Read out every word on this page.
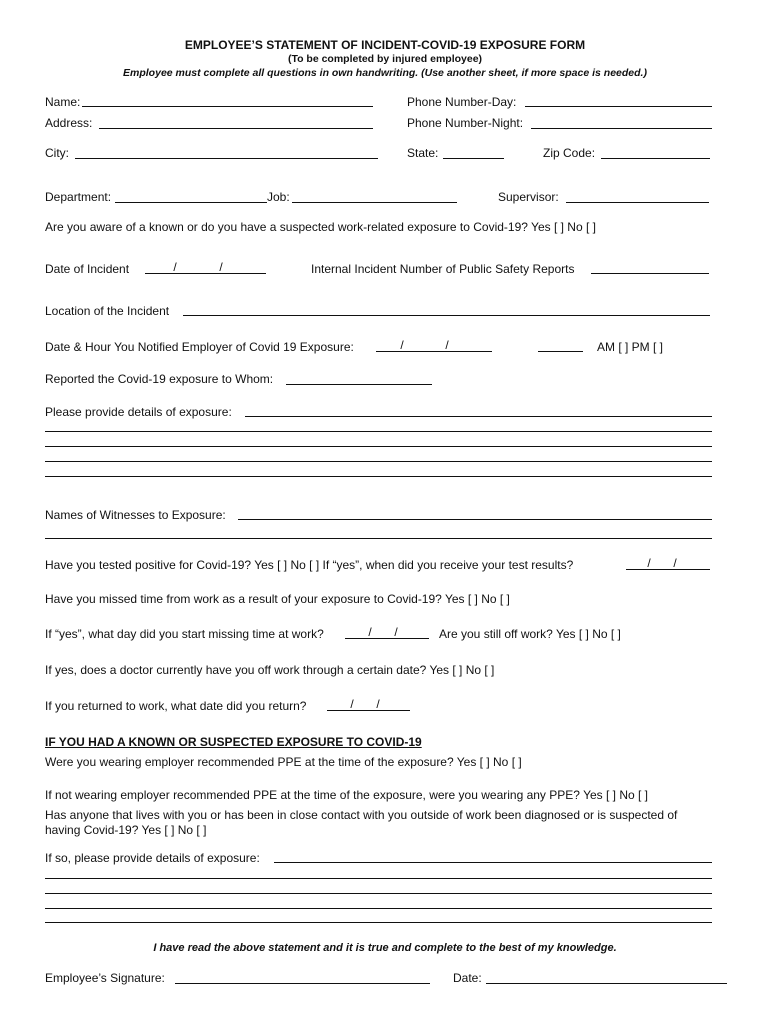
EMPLOYEE’S STATEMENT OF INCIDENT-COVID-19 EXPOSURE FORM
(To be completed by injured employee)
Employee must complete all questions in own handwriting. (Use another sheet, if more space is needed.)
Name:	Phone Number-Day:
Address:	Phone Number-Night:
City:	State:	Zip Code:
Department:	Job:	Supervisor:
Are you aware of a known or do you have a suspected work-related exposure to Covid-19? Yes [ ] No [ ]
Date of Incident	/	/	Internal Incident Number of Public Safety Reports
Location of the Incident
Date & Hour You Notified Employer of Covid 19 Exposure:	/	/	AM [ ] PM [ ]
Reported the Covid-19 exposure to Whom:
Please provide details of exposure:
Names of Witnesses to Exposure:
Have you tested positive for Covid-19? Yes [ ] No [ ] If “yes”, when did you receive your test results?	/ /
Have you missed time from work as a result of your exposure to Covid-19? Yes [ ] No [ ]
If “yes”, what day did you start missing time at work?	/ /	Are you still off work? Yes [ ] No [ ]
If yes, does a doctor currently have you off work through a certain date? Yes [ ] No [ ]
If you returned to work, what date did you return?	/ /
IF YOU HAD A KNOWN OR SUSPECTED EXPOSURE TO COVID-19
Were you wearing employer recommended PPE at the time of the exposure? Yes [ ] No [ ]
If not wearing employer recommended PPE at the time of the exposure, were you wearing any PPE? Yes [ ] No [ ]
Has anyone that lives with you or has been in close contact with you outside of work been diagnosed or is suspected of
having Covid-19? Yes [ ] No [ ]
If so, please provide details of exposure:
I have read the above statement and it is true and complete to the best of my knowledge.
Employee’s Signature:	Date:
